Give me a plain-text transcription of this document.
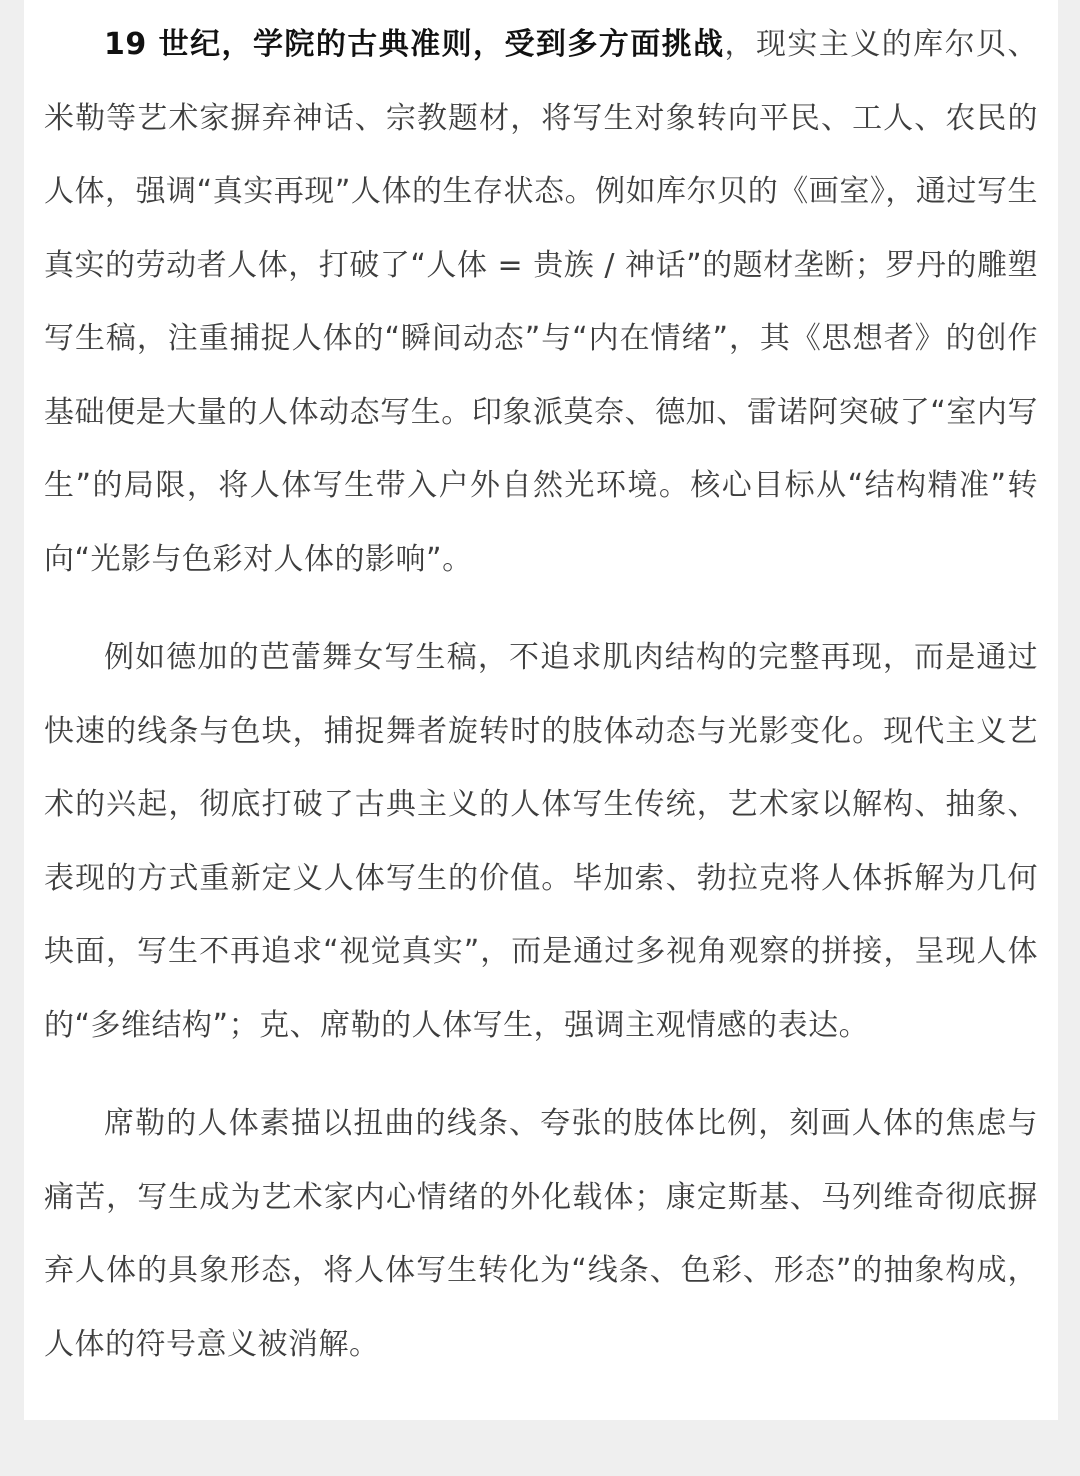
19 世纪，学院的古典准则，受到多方面挑战，现实主义的库尔贝、米勒等艺术家摒弃神话、宗教题材，将写生对象转向平民、工人、农民的人体，强调“真实再现”人体的生存状态。例如库尔贝的《画室》，通过写生真实的劳动者人体，打破了“人体 = 贵族 / 神话”的题材垄断；罗丹的雕塑写生稿，注重捕捉人体的“瞬间动态”与“内在情绪”，其《思想者》的创作基础便是大量的人体动态写生。印象派莫奈、德加、雷诺阿突破了“室内写生”的局限，将人体写生带入户外自然光环境。核心目标从“结构精准”转向“光影与色彩对人体的影响”。

例如德加的芭蕾舞女写生稿，不追求肌肉结构的完整再现，而是通过快速的线条与色块，捕捉舞者旋转时的肢体动态与光影变化。现代主义艺术的兴起，彻底打破了古典主义的人体写生传统，艺术家以解构、抽象、表现的方式重新定义人体写生的价值。毕加索、勃拉克将人体拆解为几何块面，写生不再追求“视觉真实”，而是通过多视角观察的拼接，呈现人体的“多维结构”；克、席勒的人体写生，强调主观情感的表达。

席勒的人体素描以扭曲的线条、夸张的肢体比例，刻画人体的焦虑与痛苦，写生成为艺术家内心情绪的外化载体；康定斯基、马列维奇彻底摒弃人体的具象形态，将人体写生转化为“线条、色彩、形态”的抽象构成，人体的符号意义被消解。
